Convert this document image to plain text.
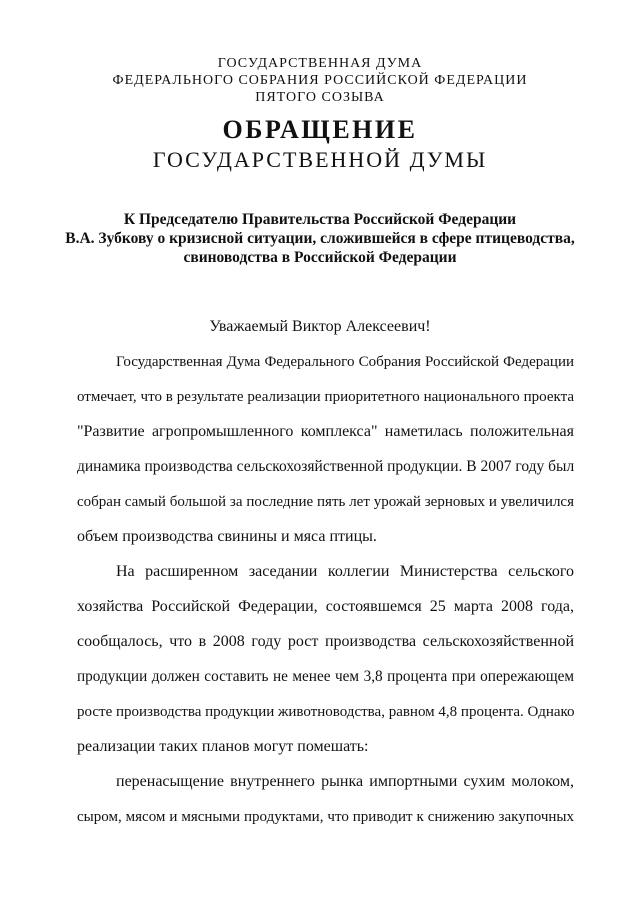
ГОСУДАРСТВЕННАЯ ДУМА
ФЕДЕРАЛЬНОГО СОБРАНИЯ РОССИЙСКОЙ ФЕДЕРАЦИИ
ПЯТОГО СОЗЫВА
ОБРАЩЕНИЕ
ГОСУДАРСТВЕННОЙ ДУМЫ
К Председателю Правительства Российской Федерации
В.А. Зубкову о кризисной ситуации, сложившейся в сфере птицеводства,
свиноводства в Российской Федерации
Уважаемый Виктор Алексеевич!
Государственная Дума Федерального Собрания Российской Федерации
отмечает, что в результате реализации приоритетного национального проекта
"Развитие агропромышленного комплекса" наметилась положительная
динамика производства сельскохозяйственной продукции. В 2007 году был
собран самый большой за последние пять лет урожай зерновых и увеличился
объем производства свинины и мяса птицы.
На расширенном заседании коллегии Министерства сельского
хозяйства Российской Федерации, состоявшемся 25 марта 2008 года,
сообщалось, что в 2008 году рост производства сельскохозяйственной
продукции должен составить не менее чем 3,8 процента при опережающем
росте производства продукции животноводства, равном 4,8 процента. Однако
реализации таких планов могут помешать:
перенасыщение внутреннего рынка импортными сухим молоком,
сыром, мясом и мясными продуктами, что приводит к снижению закупочных
